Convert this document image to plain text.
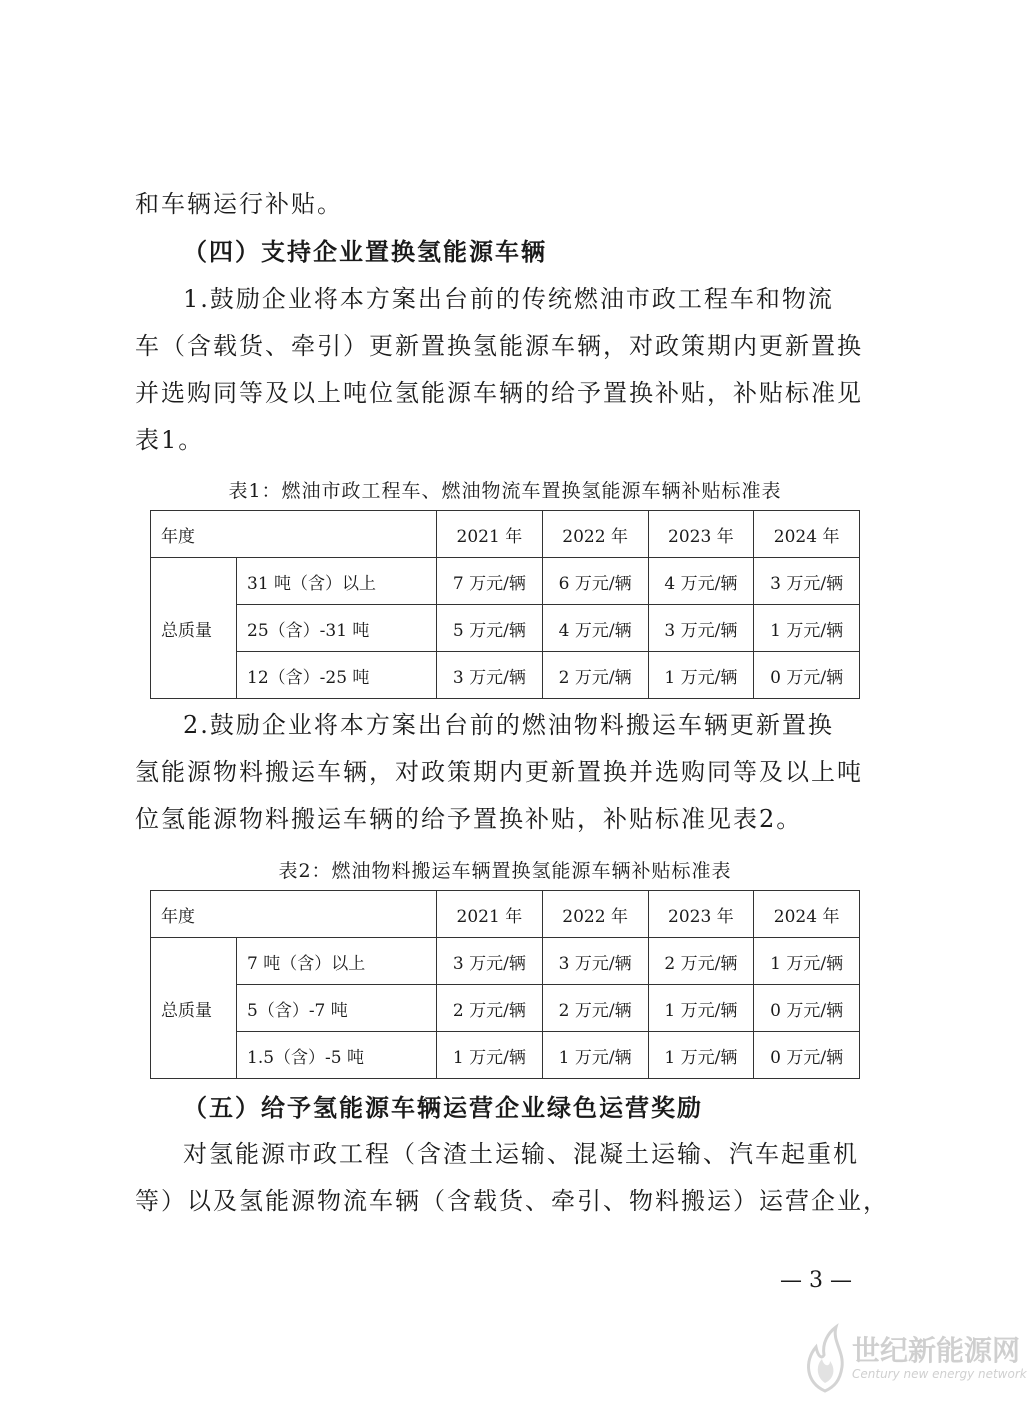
和车辆运行补贴。

（四）支持企业置换氢能源车辆

1.鼓励企业将本方案出台前的传统燃油市政工程车和物流
车（含载货、牵引）更新置换氢能源车辆，对政策期内更新置换
并选购同等及以上吨位氢能源车辆的给予置换补贴，补贴标准见
表1。

表1：燃油市政工程车、燃油物流车置换氢能源车辆补贴标准表

年度		2021 年	2022 年	2023 年	2024 年
总质量	31 吨（含）以上	7 万元/辆	6 万元/辆	4 万元/辆	3 万元/辆
	25（含）-31 吨	5 万元/辆	4 万元/辆	3 万元/辆	1 万元/辆
	12（含）-25 吨	3 万元/辆	2 万元/辆	1 万元/辆	0 万元/辆

2.鼓励企业将本方案出台前的燃油物料搬运车辆更新置换
氢能源物料搬运车辆，对政策期内更新置换并选购同等及以上吨
位氢能源物料搬运车辆的给予置换补贴，补贴标准见表2。

表2：燃油物料搬运车辆置换氢能源车辆补贴标准表

年度		2021 年	2022 年	2023 年	2024 年
总质量	7 吨（含）以上	3 万元/辆	3 万元/辆	2 万元/辆	1 万元/辆
	5（含）-7 吨	2 万元/辆	2 万元/辆	1 万元/辆	0 万元/辆
	1.5（含）-5 吨	1 万元/辆	1 万元/辆	1 万元/辆	0 万元/辆

（五）给予氢能源车辆运营企业绿色运营奖励

对氢能源市政工程（含渣土运输、混凝土运输、汽车起重机
等）以及氢能源物流车辆（含载货、牵引、物料搬运）运营企业，

— 3 —
世纪新能源网
Century new energy network
